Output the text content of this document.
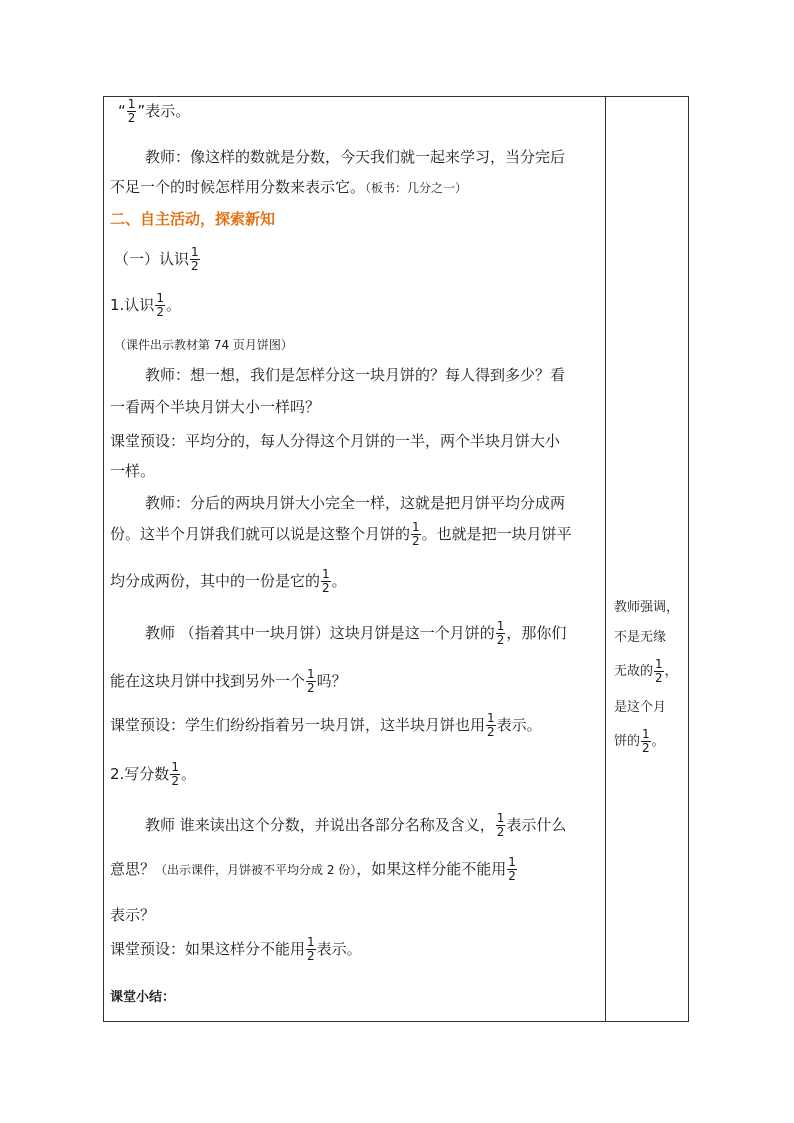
“ $\frac{1}{2}$ ”表示。
教师：像这样的数就是分数，今天我们就一起来学习，当分完后
不足一个的时候怎样用分数来表示它。（板书：几分之一）
二、自主活动，探索新知
（一）认识 $\frac{1}{2}$
1.认识 $\frac{1}{2}$ 。
（课件出示教材第 74 页月饼图）
教师：想一想，我们是怎样分这一块月饼的？每人得到多少？看
一看两个半块月饼大小一样吗？
课堂预设：平均分的，每人分得这个月饼的一半，两个半块月饼大小
一样。
教师：分后的两块月饼大小完全一样，这就是把月饼平均分成两
份。这半个月饼我们就可以说是这整个月饼的 $\frac{1}{2}$ 。也就是把一块月饼平
均分成两份，其中的一份是它的 $\frac{1}{2}$ 。
教师 （指着其中一块月饼）这块月饼是这一个月饼的 $\frac{1}{2}$ ，那你们
能在这块月饼中找到另外一个 $\frac{1}{2}$ 吗？
课堂预设：学生们纷纷指着另一块月饼，这半块月饼也用 $\frac{1}{2}$ 表示。
2.写分数 $\frac{1}{2}$ 。
教师 谁来读出这个分数，并说出各部分名称及含义， $\frac{1}{2}$ 表示什么
意思？（出示课件，月饼被不平均分成 2 份），如果这样分能不能用 $\frac{1}{2}$
表示？
课堂预设：如果这样分不能用 $\frac{1}{2}$ 表示。
课堂小结：
教师强调，
不是无缘
无故的 $\frac{1}{2}$ ，
是这个月
饼的 $\frac{1}{2}$ 。
